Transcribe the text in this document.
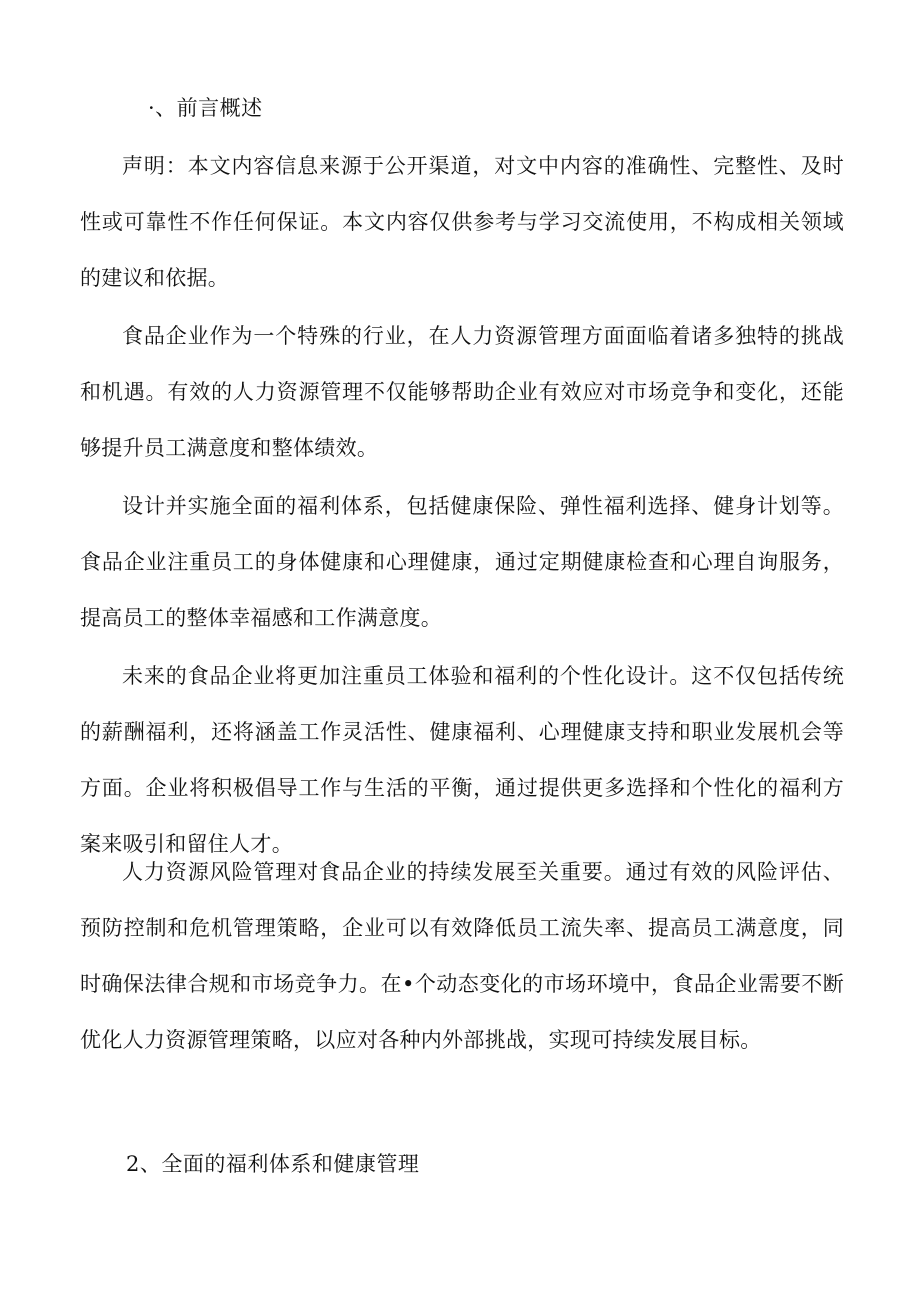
·、前言概述

声明：本文内容信息来源于公开渠道，对文中内容的准确性、完整性、及时性或可靠性不作任何保证。本文内容仅供参考与学习交流使用，不构成相关领域的建议和依据。

食品企业作为一个特殊的行业，在人力资源管理方面面临着诸多独特的挑战和机遇。有效的人力资源管理不仅能够帮助企业有效应对市场竞争和变化，还能够提升员工满意度和整体绩效。

设计并实施全面的福利体系，包括健康保险、弹性福利选择、健身计划等。食品企业注重员工的身体健康和心理健康，通过定期健康检查和心理自询服务，提高员工的整体幸福感和工作满意度。

未来的食品企业将更加注重员工体验和福利的个性化设计。这不仅包括传统的薪酬福利，还将涵盖工作灵活性、健康福利、心理健康支持和职业发展机会等方面。企业将积极倡导工作与生活的平衡，通过提供更多选择和个性化的福利方案来吸引和留住人才。

人力资源风险管理对食品企业的持续发展至关重要。通过有效的风险评估、预防控制和危机管理策略，企业可以有效降低员工流失率、提高员工满意度，同时确保法律合规和市场竞争力。在•个动态变化的市场环境中，食品企业需要不断优化人力资源管理策略，以应对各种内外部挑战，实现可持续发展目标。

2、全面的福利体系和健康管理
